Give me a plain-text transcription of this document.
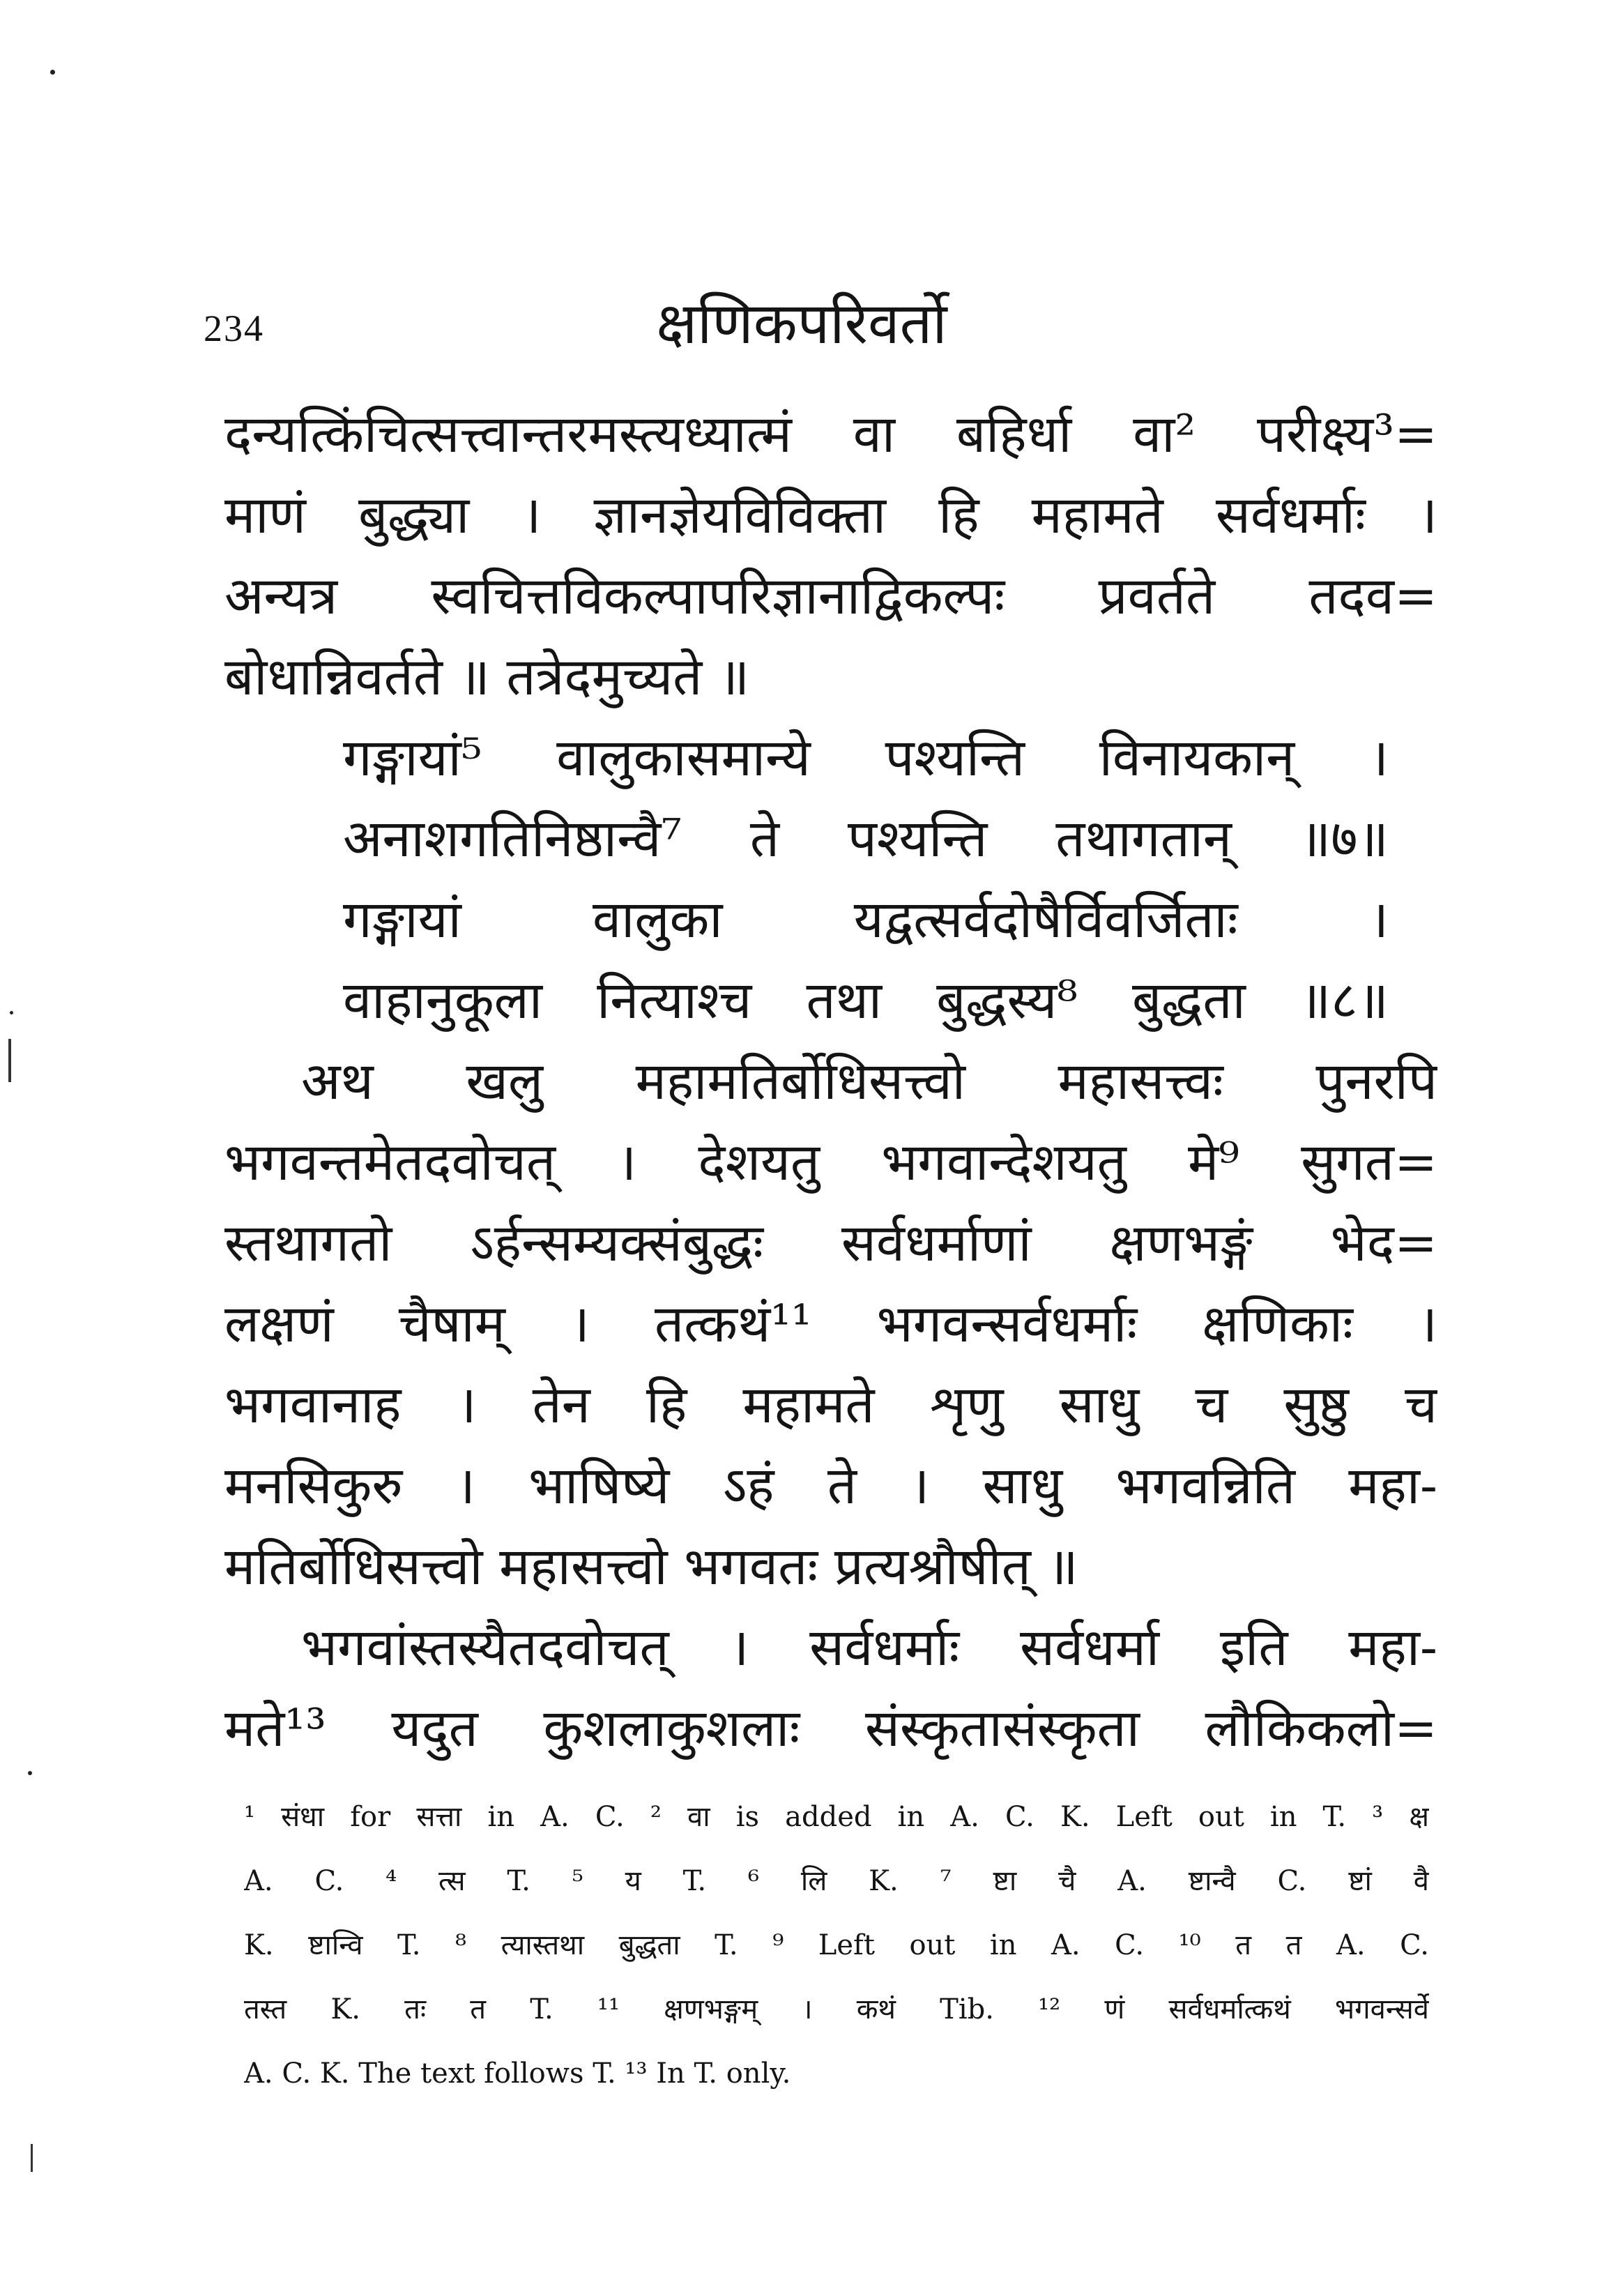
234	क्षणिकपरिवर्तो
दन्यत्किंचित्सत्त्वान्तरमस्त्यध्यात्मं वा बहिर्धा वा² परीक्ष्य³=
माणं बुद्ध्या । ज्ञानज्ञेयविविक्ता हि महामते सर्वधर्माः ।
अन्यत्र स्वचित्तविकल्पापरिज्ञानाद्विकल्पः प्रवर्तते तदव=
बोधान्निवर्तते ॥ तत्रेदमुच्यते ॥
गङ्गायां⁵ वालुकासमान्ये पश्यन्ति विनायकान् ।
अनाशगतिनिष्ठान्वै⁷ ते पश्यन्ति तथागतान् ॥७॥
गङ्गायां वालुका यद्वत्सर्वदोषैर्विवर्जिताः ।
वाहानुकूला नित्याश्च तथा बुद्धस्य⁸ बुद्धता ॥८॥
अथ खलु महामतिर्बोधिसत्त्वो महासत्त्वः पुनरपि
भगवन्तमेतदवोचत् । देशयतु भगवान्देशयतु मे⁹ सुगत=
स्तथागतो ऽर्हन्सम्यक्संबुद्धः सर्वधर्माणां क्षणभङ्गं भेद=
लक्षणं चैषाम् । तत्कथं¹¹ भगवन्सर्वधर्माः क्षणिकाः ।
भगवानाह । तेन हि महामते शृणु साधु च सुष्ठु च
मनसिकुरु । भाषिष्ये ऽहं ते । साधु भगवन्निति महा-
मतिर्बोधिसत्त्वो महासत्त्वो भगवतः प्रत्यश्रौषीत् ॥
भगवांस्तस्यैतदवोचत् । सर्वधर्माः सर्वधर्मा इति महा-
मते¹³ यदुत कुशलाकुशलाः संस्कृतासंस्कृता लौकिकलो=
¹ संधा for सत्ता in A. C. ² वा is added in A. C. K. Left out in T. ³ क्ष
A. C. ⁴ त्स T. ⁵ य T. ⁶ लि K. ⁷ ष्टा चै A. ष्टान्वै C. ष्टां वै
K. ष्टान्वि T. ⁸ त्यास्तथा बुद्धता T. ⁹ Left out in A. C. ¹⁰ त त A. C.
तस्त K. तः त T. ¹¹ क्षणभङ्गम् । कथं Tib. ¹² णं सर्वधर्मात्कथं भगवन्सर्वे
A. C. K. The text follows T. ¹³ In T. only.
